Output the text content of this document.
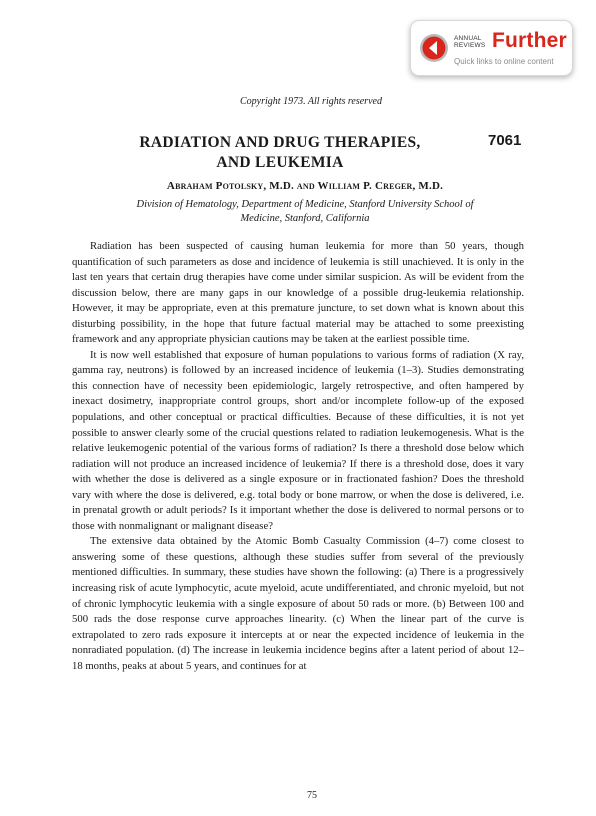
ANNUAL
REVIEWS Further
Quick links to online content
Copyright 1973. All rights reserved
RADIATION AND DRUG THERAPIES,
AND LEUKEMIA
7061
Abraham Potolsky, M.D. and William P. Creger, M.D.
Division of Hematology, Department of Medicine, Stanford University School of
Medicine, Stanford, California

Radiation has been suspected of causing human leukemia for more than 50 years, though quantification of such parameters as dose and incidence of leukemia is still unachieved. It is only in the last ten years that certain drug therapies have come under similar suspicion. As will be evident from the discussion below, there are many gaps in our knowledge of a possible drug-leukemia relationship. However, it may be appropriate, even at this premature juncture, to set down what is known about this disturbing possibility, in the hope that future factual material may be attached to some preexisting framework and any appropriate physician cautions may be taken at the earliest possible time.

It is now well established that exposure of human populations to various forms of radiation (X ray, gamma ray, neutrons) is followed by an increased incidence of leukemia (1–3). Studies demonstrating this connection have of necessity been epidemiologic, largely retrospective, and often hampered by inexact dosimetry, inappropriate control groups, short and/or incomplete follow-up of the exposed populations, and other conceptual or practical difficulties. Because of these difficulties, it is not yet possible to answer clearly some of the crucial questions related to radiation leukemogenesis. What is the relative leukemogenic potential of the various forms of radiation? Is there a threshold dose below which radiation will not produce an increased incidence of leukemia? If there is a threshold dose, does it vary with whether the dose is delivered as a single exposure or in fractionated fashion? Does the threshold vary with where the dose is delivered, e.g. total body or bone marrow, or when the dose is delivered, i.e. in prenatal growth or adult periods? Is it important whether the dose is delivered to normal persons or to those with nonmalignant or malignant disease?

The extensive data obtained by the Atomic Bomb Casualty Commission (4–7) come closest to answering some of these questions, although these studies suffer from several of the previously mentioned difficulties. In summary, these studies have shown the following: (a) There is a progressively increasing risk of acute lymphocytic, acute myeloid, acute undifferentiated, and chronic myeloid, but not of chronic lymphocytic leukemia with a single exposure of about 50 rads or more. (b) Between 100 and 500 rads the dose response curve approaches linearity. (c) When the linear part of the curve is extrapolated to zero rads exposure it intercepts at or near the expected incidence of leukemia in the nonradiated population. (d) The increase in leukemia incidence begins after a latent period of about 12–18 months, peaks at about 5 years, and continues for at

75
